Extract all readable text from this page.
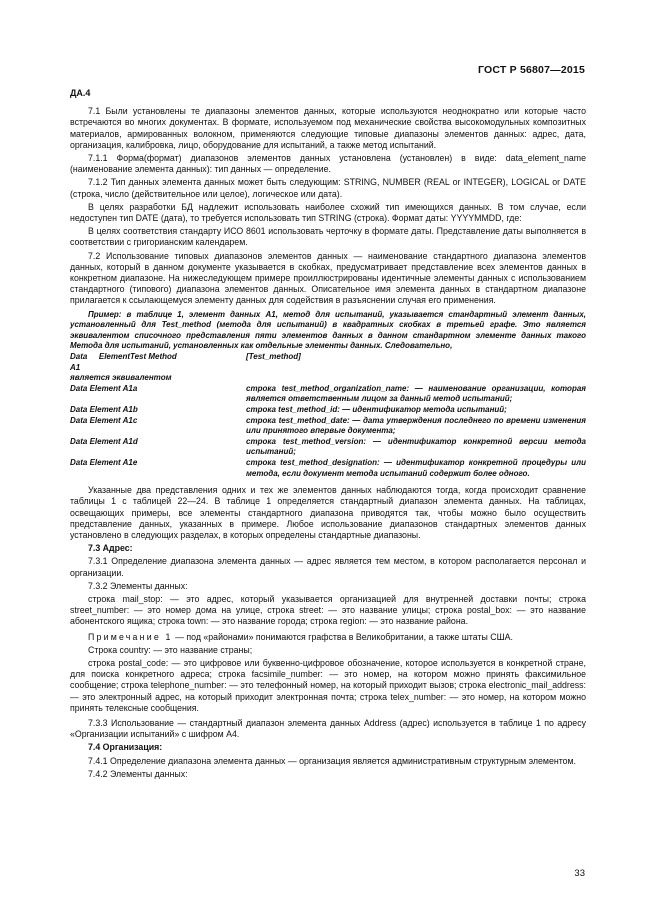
ГОСТ Р 56807—2015
ДА.4

7.1 Были установлены те диапазоны элементов данных, которые используются неоднократно или которые часто встречаются во многих документах. В формате, используемом под механические свойства высокомодульных композитных материалов, армированных волокном, применяются следующие типовые диапазоны элементов данных: адрес, дата, организация, калибровка, лицо, оборудование для испытаний, а также метод испытаний.

7.1.1 Форма(формат) диапазонов элементов данных установлена (установлен) в виде: data_element_name (наименование элемента данных): тип данных — определение.

7.1.2 Тип данных элемента данных может быть следующим: STRING, NUMBER (REAL or INTEGER), LOGICAL or DATE (строка, число (действительное или целое), логическое или дата).

В целях разработки БД надлежит использовать наиболее схожий тип имеющихся данных. В том случае, если недоступен тип DATE (дата), то требуется использовать тип STRING (строка). Формат даты: YYYYMMDD, где:

В целях соответствия стандарту ИСО 8601 использовать черточку в формате даты. Представление даты выполняется в соответствии с григорианским календарем.

7.2 Использование типовых диапазонов элементов данных — наименование стандартного диапазона элементов данных, который в данном документе указывается в скобках, предусматривает представление всех элементов данных в конкретном диапазоне. На нижеследующем примере проиллюстрированы идентичные элементы данных с использованием стандартного (типового) диапазона элементов данных. Описательное имя элемента данных в стандартном диапазоне прилагается к ссылающемуся элементу данных для содействия в разъяснении случая его применения.

Пример: в таблице 1, элемент данных А1, метод для испытаний, указывается стандартный элемент данных, установленный для Test_method (метода для испытаний) в квадратных скобках в третьей графе. Это является эквивалентом списочного представления пяти элементов данных в данном стандартном элементе данных такого Метода для испытаний, установленных как отдельные элементы данных. Следовательно,
Data Element A1
Test Method	[Test_method]
является эквивалентом
Data Element A1a	строка test_method_organization_name: — наименование организации, которая является ответственным лицом за данный метод испытаний;
Data Element A1b	строка test_method_id: — идентификатор метода испытаний;
Data Element A1c	строка test_method_date: — дата утверждения последнего по времени изменения или принятого впервые документа;
Data Element A1d	строка test_method_version: — идентификатор конкретной версии метода испытаний;
Data Element A1e	строка test_method_designation: — идентификатор конкретной процедуры или метода, если документ метода испытаний содержит более одного.

Указанные два представления одних и тех же элементов данных наблюдаются тогда, когда происходит сравнение таблицы 1 с таблицей 22—24. В таблице 1 определяется стандартный диапазон элемента данных. На таблицах, освещающих примеры, все элементы стандартного диапазона приводятся так, чтобы можно было осуществить представление данных, указанных в примере. Любое использование диапазонов стандартных элементов данных установлено в следующих разделах, в которых определены стандартные диапазоны.

7.3 Адрес:

7.3.1 Определение диапазона элемента данных — адрес является тем местом, в котором располагается персонал и организации.

7.3.2 Элементы данных:

строка mail_stop: — это адрес, который указывается организацией для внутренней доставки почты; строка street_number: — это номер дома на улице, строка street: — это название улицы; строка postal_box: — это название абонентского ящика; строка town: — это название города; строка region: — это название района.

Примечание 1 — под «районами» понимаются графства в Великобритании, а также штаты США.

Строка country: — это название страны;

строка postal_code: — это цифровое или буквенно-цифровое обозначение, которое используется в конкретной стране, для поиска конкретного адреса; строка facsimile_number: — это номер, на котором можно принять факсимильное сообщение; строка telephone_number: — это телефонный номер, на который приходит вызов; строка electronic_mail_address: — это электронный адрес, на который приходит электронная почта; строка telex_number: — это номер, на котором можно принять телексные сообщения.

7.3.3 Использование — стандартный диапазон элемента данных Address (адрес) используется в таблице 1 по адресу «Организации испытаний» с шифром А4.

7.4 Организация:

7.4.1 Определение диапазона элемента данных — организация является административным структурным элементом.

7.4.2 Элементы данных:

33
